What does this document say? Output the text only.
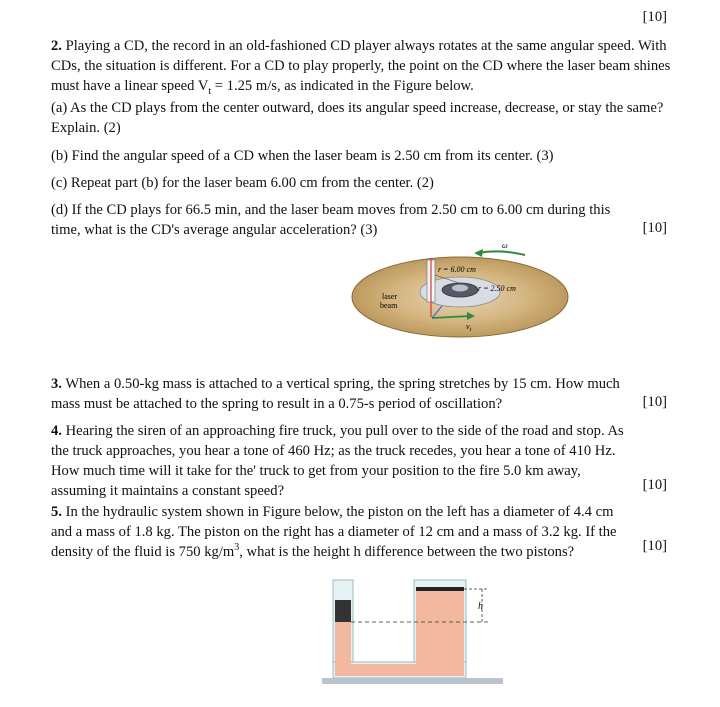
[10]

2. Playing a CD, the record in an old-fashioned CD player always rotates at the same angular speed. With CDs, the situation is different. For a CD to play properly, the point on the CD where the laser beam shines must have a linear speed $V_t = 1.25$ m/s, as indicated in the Figure below.

(a) As the CD plays from the center outward, does its angular speed increase, decrease, or stay the same? Explain. (2)

(b) Find the angular speed of a CD when the laser beam is 2.50 cm from its center. (3)

(c) Repeat part (b) for the laser beam 6.00 cm from the center. (2)

(d) If the CD plays for 66.5 min, and the laser beam moves from 2.50 cm to 6.00 cm during this time, what is the CD's average angular acceleration? (3)	[10]
ω
r = 6.00 cm
r = 2.50 cm
laser
beam
$v_t$

3. When a 0.50-kg mass is attached to a vertical spring, the spring stretches by 15 cm. How much mass must be attached to the spring to result in a 0.75-s period of oscillation?	[10]

4. Hearing the siren of an approaching fire truck, you pull over to the side of the road and stop. As the truck approaches, you hear a tone of 460 Hz; as the truck recedes, you hear a tone of 410 Hz. How much time will it take for the' truck to get from your position to the fire 5.0 km away, assuming it maintains a constant speed?	[10]

5. In the hydraulic system shown in Figure below, the piston on the left has a diameter of 4.4 cm and a mass of 1.8 kg. The piston on the right has a diameter of 12 cm and a mass of 3.2 kg. If the density of the fluid is 750 $kg/m^3$, what is the height h difference between the two pistons?	[10]
h
